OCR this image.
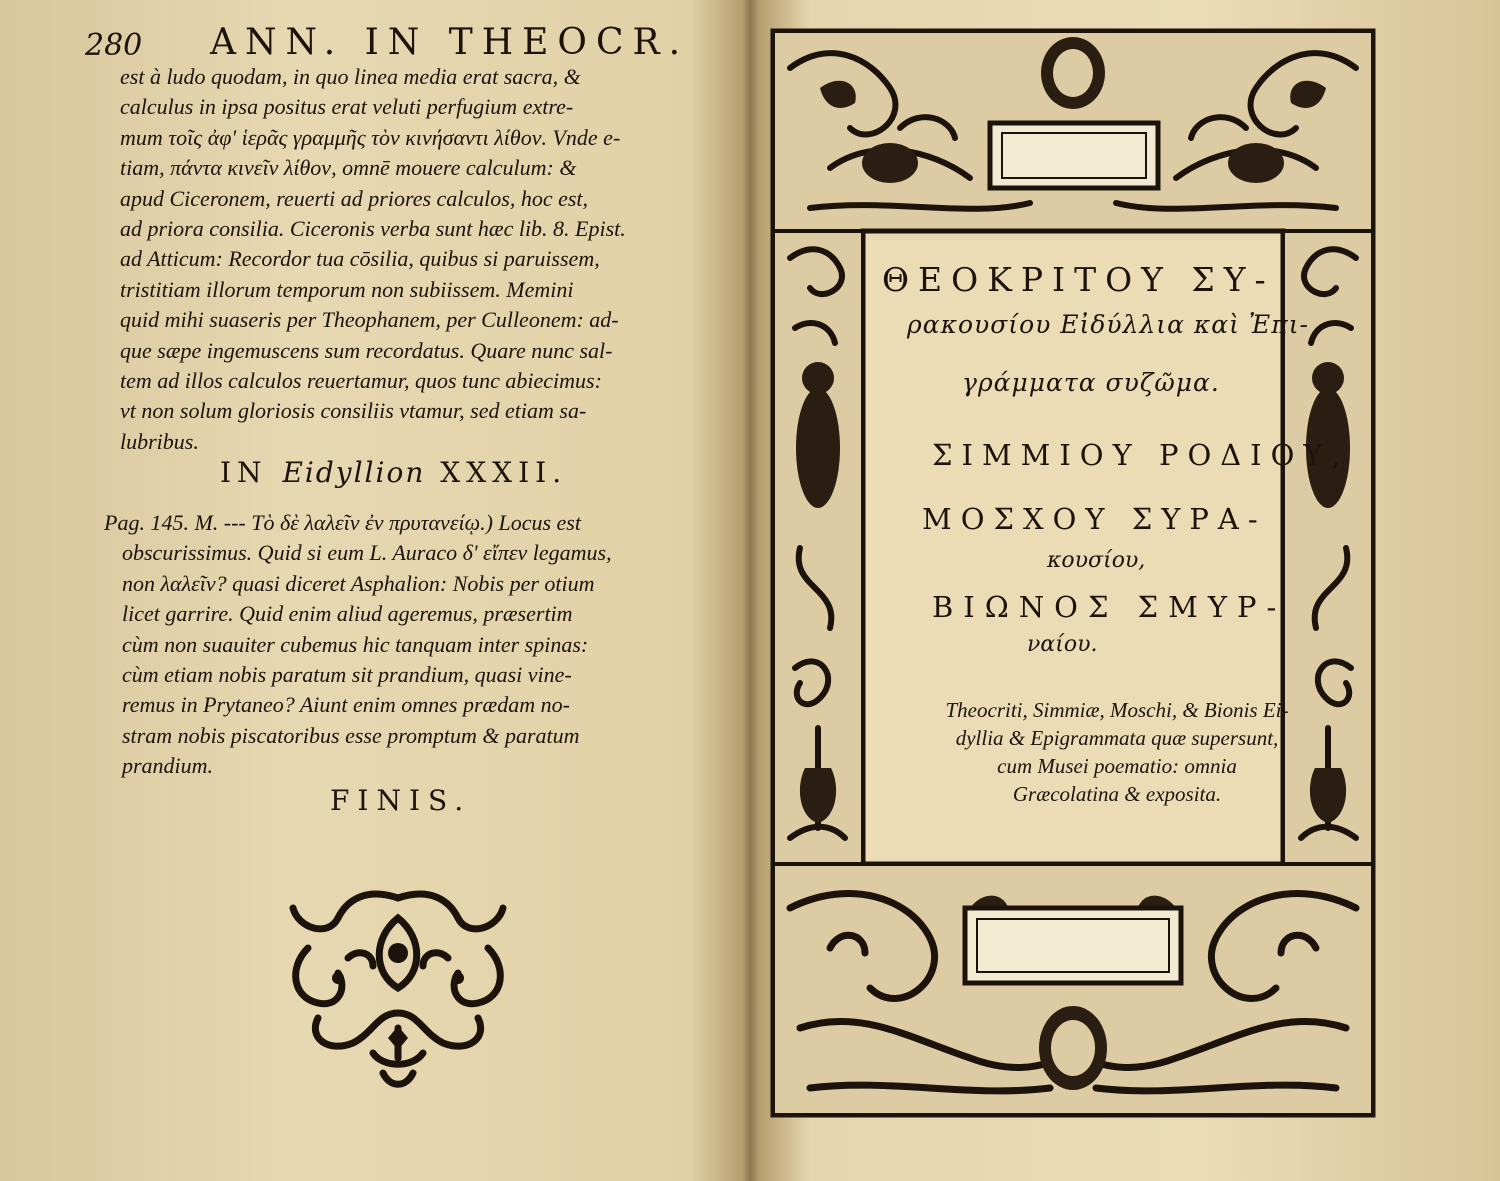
280 ANN. IN THEOCR.
est à ludo quodam, in quo linea media erat sacra, &
calculus in ipsa positus erat veluti perfugium extre-
mum τοῖς ἀφ' ἱερᾶς γραμμῆς τὸν κινήσαντι λίθον. Vnde e-
tiam, πάντα κινεῖν λίθον, omnē mouere calculum: &
apud Ciceronem, reuerti ad priores calculos, hoc est,
ad priora consilia. Ciceronis verba sunt hæc lib. 8. Epist.
ad Atticum: Recordor tua cōsilia, quibus si paruissem,
tristitiam illorum temporum non subiissem. Memini
quid mihi suaseris per Theophanem, per Culleonem: ad-
que sæpe ingemuscens sum recordatus. Quare nunc sal-
tem ad illos calculos reuertamur, quos tunc abiecimus:
vt non solum gloriosis consiliis vtamur, sed etiam sa-
lubribus.
IN Eidyllion XXXII.
Pag. 145. M. --- Τὸ δὲ λαλεῖν ἐν πρυτανείῳ.) Locus est
obscurissimus. Quid si eum L. Auraco δ' εἴπεν legamus,
non λαλεῖν? quasi diceret Asphalion: Nobis per otium
licet garrire. Quid enim aliud ageremus, præsertim
cùm non suauiter cubemus hic tanquam inter spinas:
cùm etiam nobis paratum sit prandium, quasi vine-
remus in Prytaneo? Aiunt enim omnes prædam no-
stram nobis piscatoribus esse promptum & paratum
prandium.
FINIS.
ΘΕΟΚΡΙΤΟΥ ΣΥ-
ρακουσίου Εἰδύλλια καὶ Ἐπι-
γράμματα συζῶμα.
ΣΙΜΜΙΟΥ ΡΟΔΙΟΥ,
ΜΟΣΧΟΥ ΣΥΡΑ-
κουσίου,
ΒΙΩΝΟΣ ΣΜΥΡ-
ναίου.
Theocriti, Simmiæ, Moschi, & Bionis Ei-
dyllia & Epigrammata quæ supersunt,
cum Musei poematio: omnia
Græcolatina & exposita.
